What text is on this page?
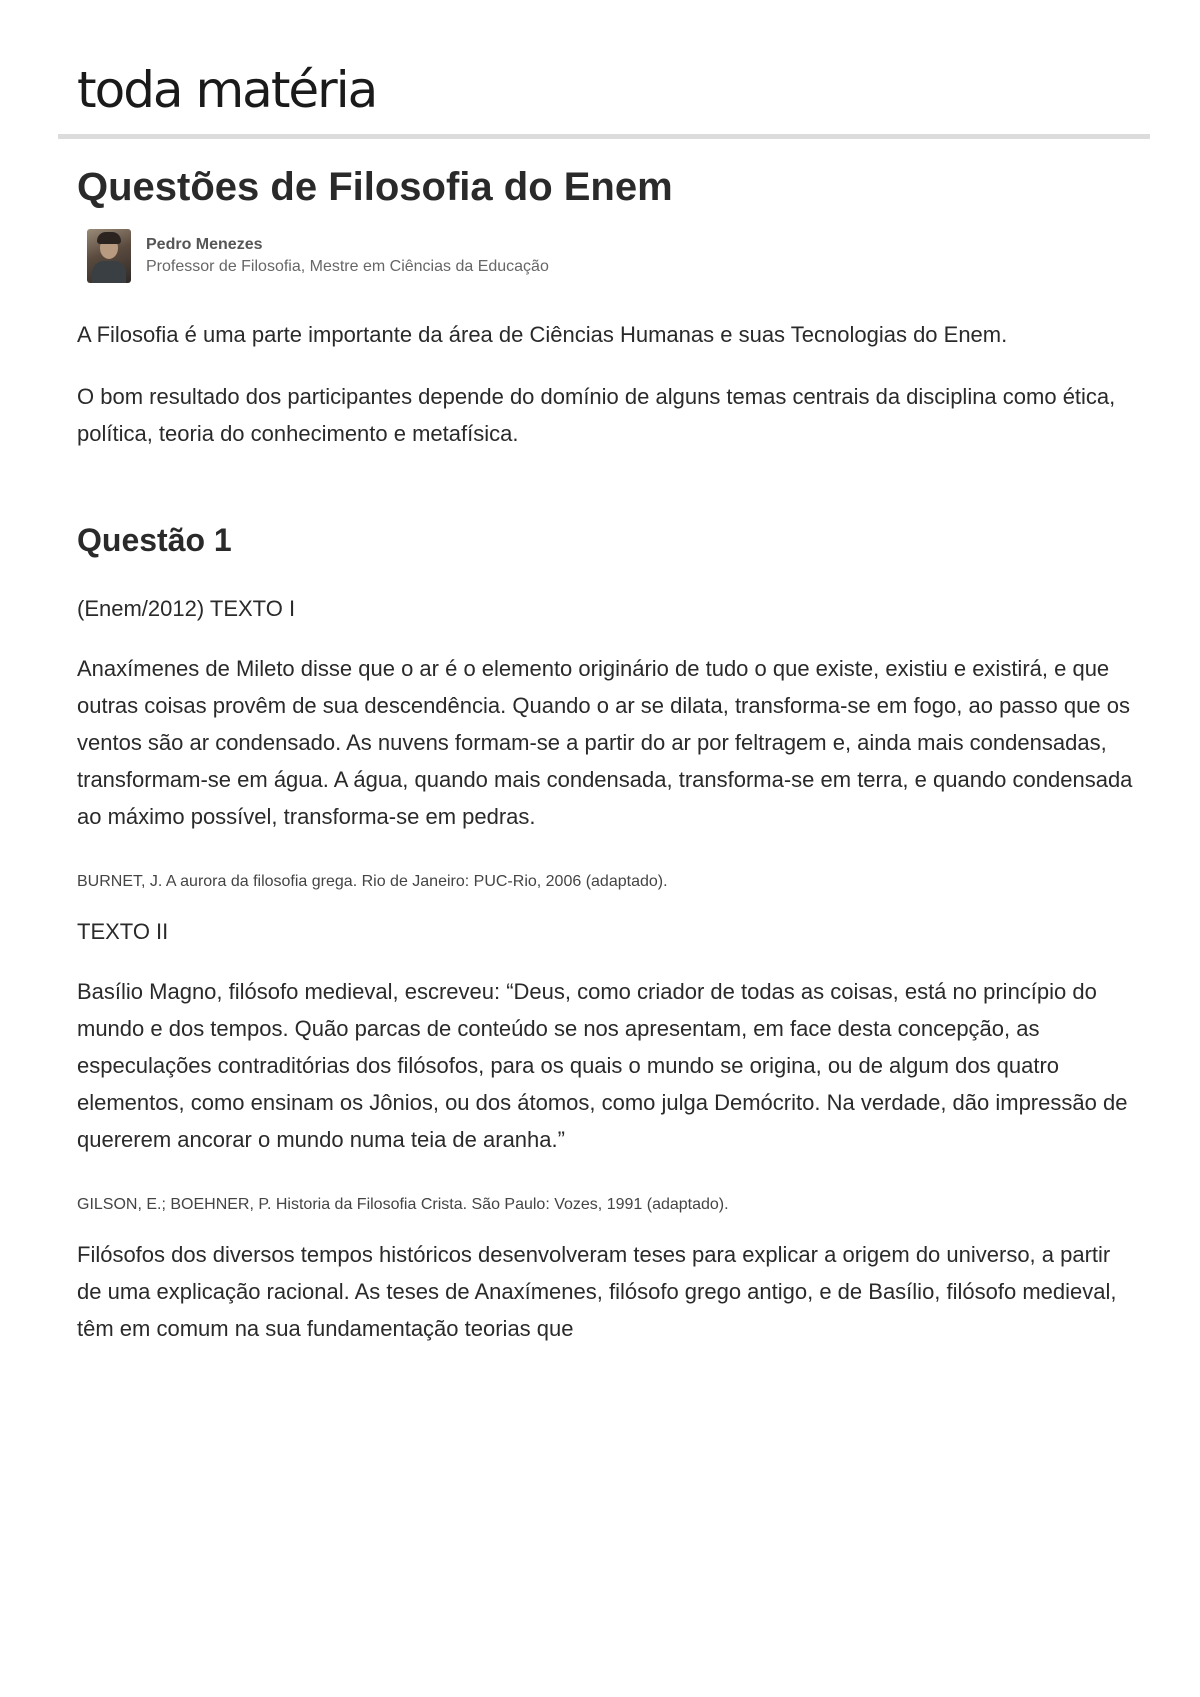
toda matéria
Questões de Filosofia do Enem
Pedro Menezes
Professor de Filosofia, Mestre em Ciências da Educação

A Filosofia é uma parte importante da área de Ciências Humanas e suas Tecnologias do Enem.

O bom resultado dos participantes depende do domínio de alguns temas centrais da disciplina como ética, política, teoria do conhecimento e metafísica.

Questão 1

(Enem/2012) TEXTO I

Anaxímenes de Mileto disse que o ar é o elemento originário de tudo o que existe, existiu e existirá, e que outras coisas provêm de sua descendência. Quando o ar se dilata, transforma-se em fogo, ao passo que os ventos são ar condensado. As nuvens formam-se a partir do ar por feltragem e, ainda mais condensadas, transformam-se em água. A água, quando mais condensada, transforma-se em terra, e quando condensada ao máximo possível, transforma-se em pedras.

BURNET, J. A aurora da filosofia grega. Rio de Janeiro: PUC-Rio, 2006 (adaptado).

TEXTO II

Basílio Magno, filósofo medieval, escreveu: “Deus, como criador de todas as coisas, está no princípio do mundo e dos tempos. Quão parcas de conteúdo se nos apresentam, em face desta concepção, as especulações contraditórias dos filósofos, para os quais o mundo se origina, ou de algum dos quatro elementos, como ensinam os Jônios, ou dos átomos, como julga Demócrito. Na verdade, dão impressão de quererem ancorar o mundo numa teia de aranha.”

GILSON, E.; BOEHNER, P. Historia da Filosofia Crista. São Paulo: Vozes, 1991 (adaptado).

Filósofos dos diversos tempos históricos desenvolveram teses para explicar a origem do universo, a partir de uma explicação racional. As teses de Anaxímenes, filósofo grego antigo, e de Basílio, filósofo medieval, têm em comum na sua fundamentação teorias que
